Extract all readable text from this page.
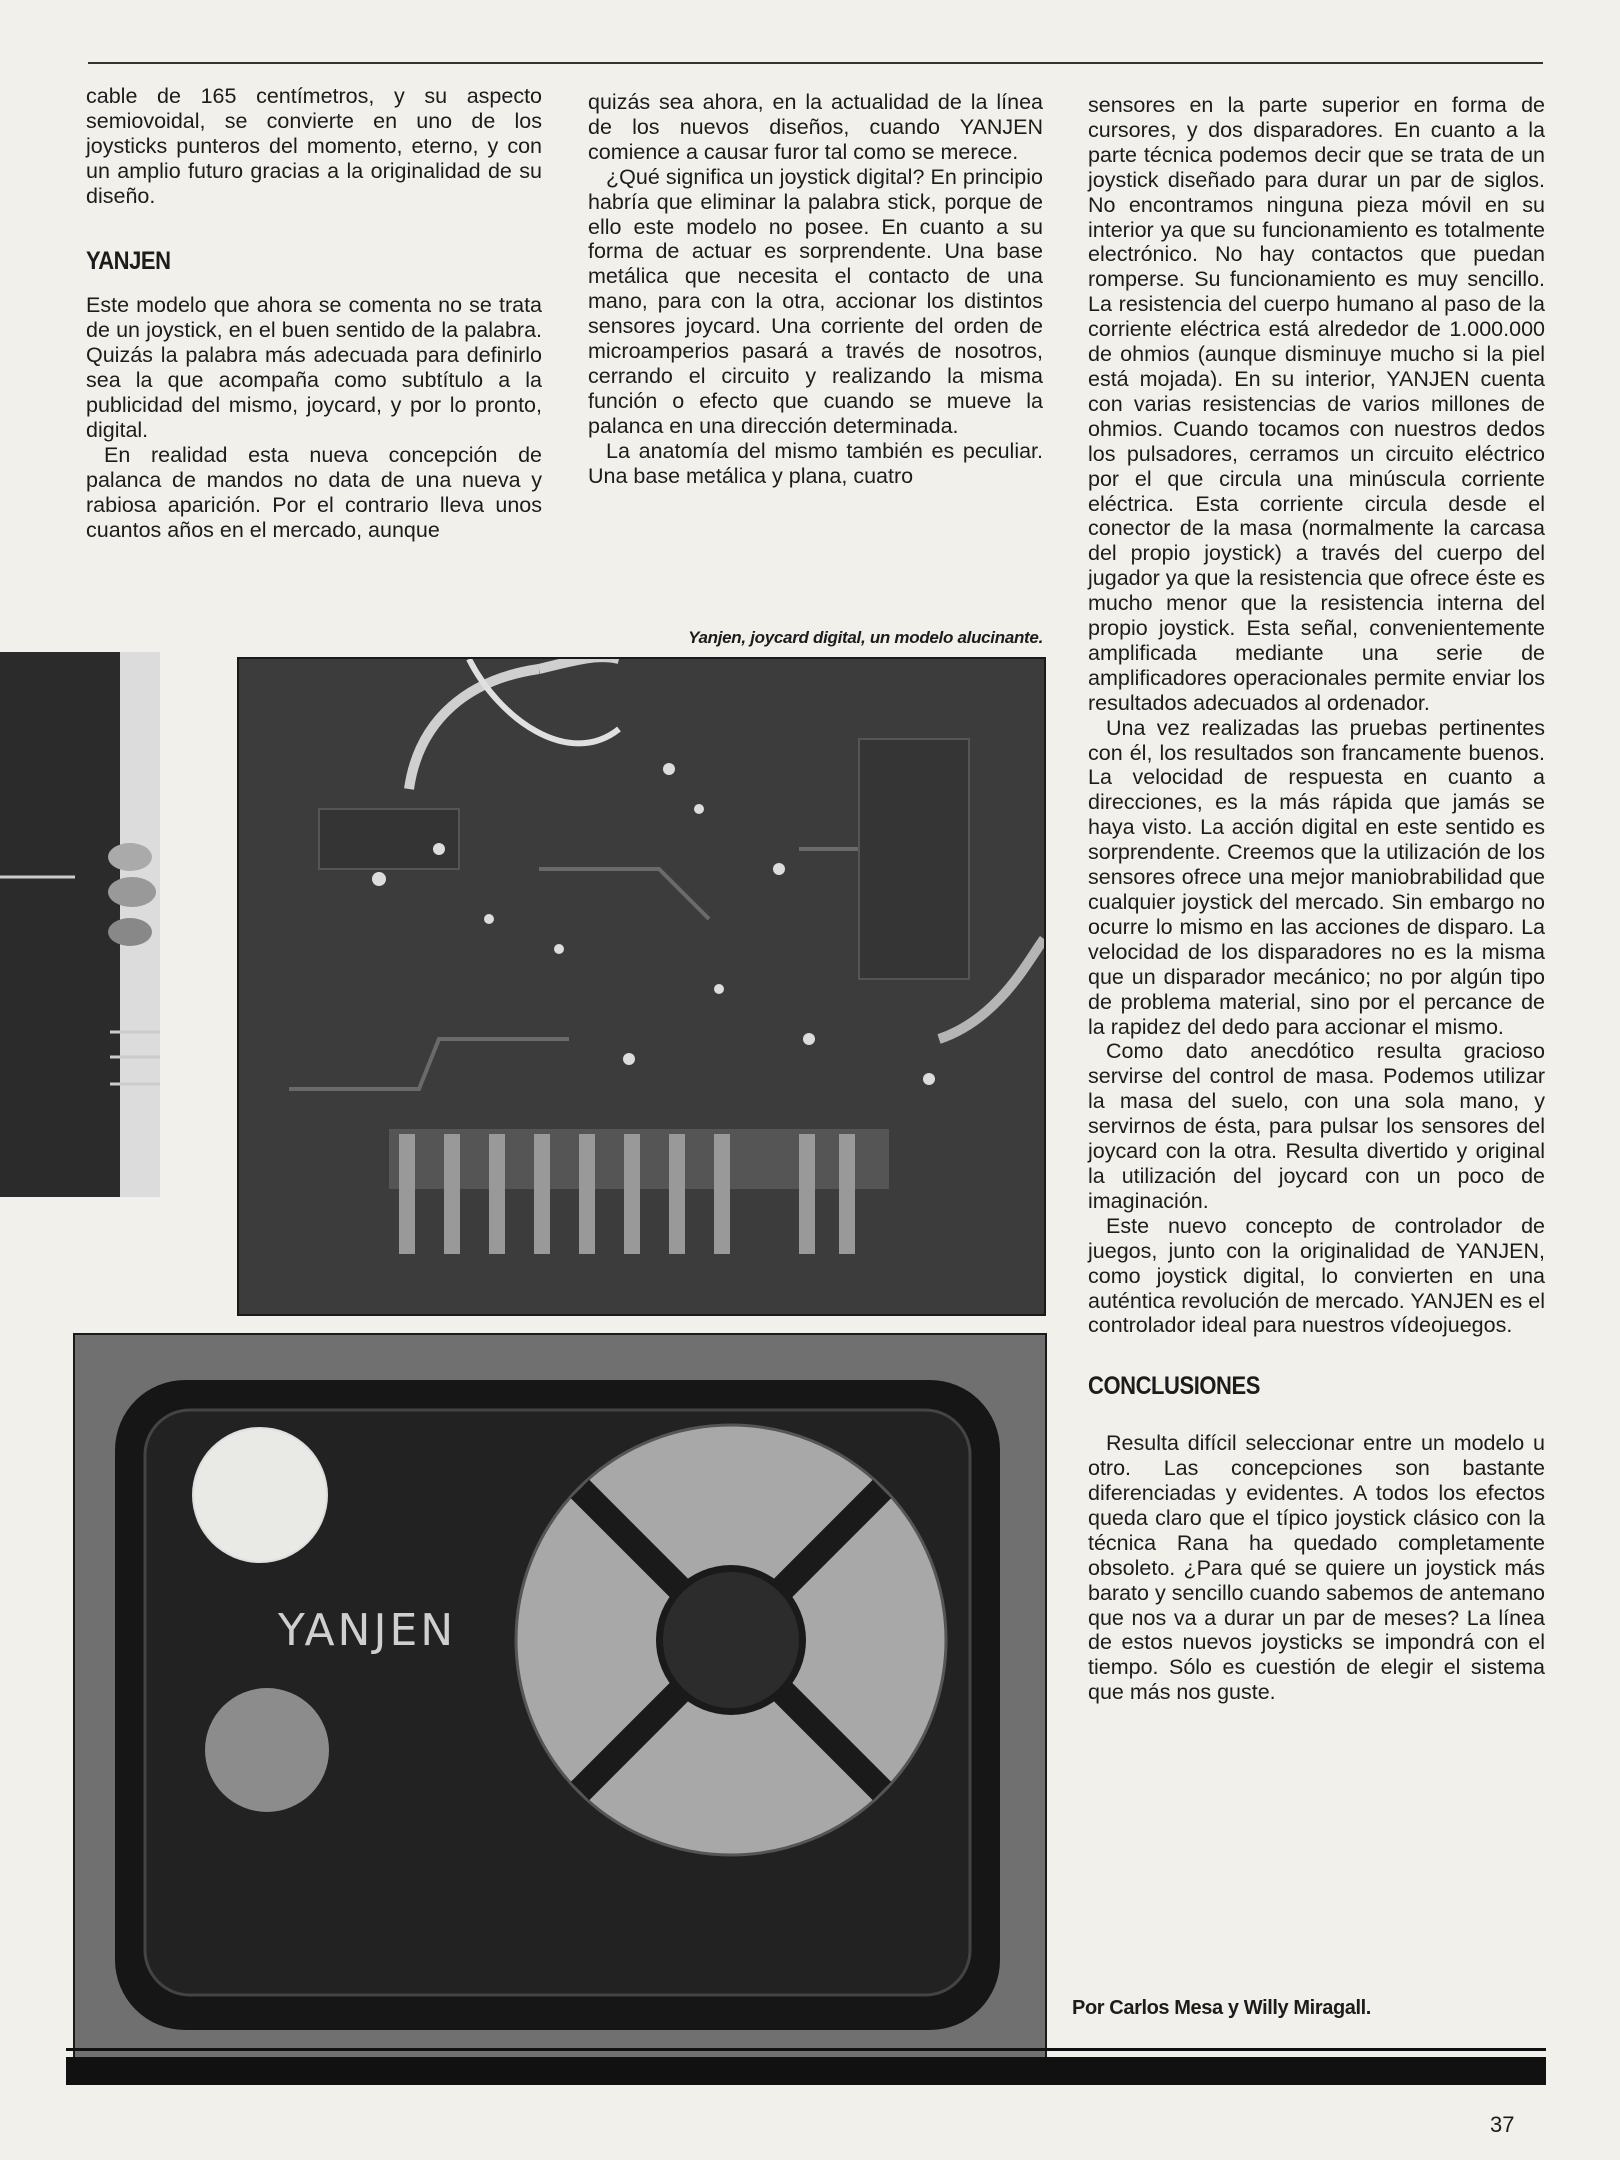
cable de 165 centímetros, y su aspecto semiovoidal, se convierte en uno de los joysticks punteros del momento, eterno, y con un amplio futuro gracias a la originalidad de su diseño.

YANJEN

Este modelo que ahora se comenta no se trata de un joystick, en el buen sentido de la palabra. Quizás la palabra más adecuada para definirlo sea la que acompaña como subtítulo a la publicidad del mismo, joycard, y por lo pronto, digital.

En realidad esta nueva concepción de palanca de mandos no data de una nueva y rabiosa aparición. Por el contrario lleva unos cuantos años en el mercado, aunque

quizás sea ahora, en la actualidad de la línea de los nuevos diseños, cuando YANJEN comience a causar furor tal como se merece.

¿Qué significa un joystick digital? En principio habría que eliminar la palabra stick, porque de ello este modelo no posee. En cuanto a su forma de actuar es sorprendente. Una base metálica que necesita el contacto de una mano, para con la otra, accionar los distintos sensores joycard. Una corriente del orden de microamperios pasará a través de nosotros, cerrando el circuito y realizando la misma función o efecto que cuando se mueve la palanca en una dirección determinada.

La anatomía del mismo también es peculiar. Una base metálica y plana, cuatro

Yanjen, joycard digital, un modelo alucinante.
YANJEN

sensores en la parte superior en forma de cursores, y dos disparadores. En cuanto a la parte técnica podemos decir que se trata de un joystick diseñado para durar un par de siglos. No encontramos ninguna pieza móvil en su interior ya que su funcionamiento es totalmente electrónico. No hay contactos que puedan romperse. Su funcionamiento es muy sencillo. La resistencia del cuerpo humano al paso de la corriente eléctrica está alrededor de 1.000.000 de ohmios (aunque disminuye mucho si la piel está mojada). En su interior, YANJEN cuenta con varias resistencias de varios millones de ohmios. Cuando tocamos con nuestros dedos los pulsadores, cerramos un circuito eléctrico por el que circula una minúscula corriente eléctrica. Esta corriente circula desde el conector de la masa (normalmente la carcasa del propio joystick) a través del cuerpo del jugador ya que la resistencia que ofrece éste es mucho menor que la resistencia interna del propio joystick. Esta señal, convenientemente amplificada mediante una serie de amplificadores operacionales permite enviar los resultados adecuados al ordenador.

Una vez realizadas las pruebas pertinentes con él, los resultados son francamente buenos. La velocidad de respuesta en cuanto a direcciones, es la más rápida que jamás se haya visto. La acción digital en este sentido es sorprendente. Creemos que la utilización de los sensores ofrece una mejor maniobrabilidad que cualquier joystick del mercado. Sin embargo no ocurre lo mismo en las acciones de disparo. La velocidad de los disparadores no es la misma que un disparador mecánico; no por algún tipo de problema material, sino por el percance de la rapidez del dedo para accionar el mismo.

Como dato anecdótico resulta gracioso servirse del control de masa. Podemos utilizar la masa del suelo, con una sola mano, y servirnos de ésta, para pulsar los sensores del joycard con la otra. Resulta divertido y original la utilización del joycard con un poco de imaginación.

Este nuevo concepto de controlador de juegos, junto con la originalidad de YANJEN, como joystick digital, lo convierten en una auténtica revolución de mercado. YANJEN es el controlador ideal para nuestros vídeojuegos.

CONCLUSIONES

Resulta difícil seleccionar entre un modelo u otro. Las concepciones son bastante diferenciadas y evidentes. A todos los efectos queda claro que el típico joystick clásico con la técnica Rana ha quedado completamente obsoleto. ¿Para qué se quiere un joystick más barato y sencillo cuando sabemos de antemano que nos va a durar un par de meses? La línea de estos nuevos joysticks se impondrá con el tiempo. Sólo es cuestión de elegir el sistema que más nos guste.

Por Carlos Mesa y Willy Miragall.
37
